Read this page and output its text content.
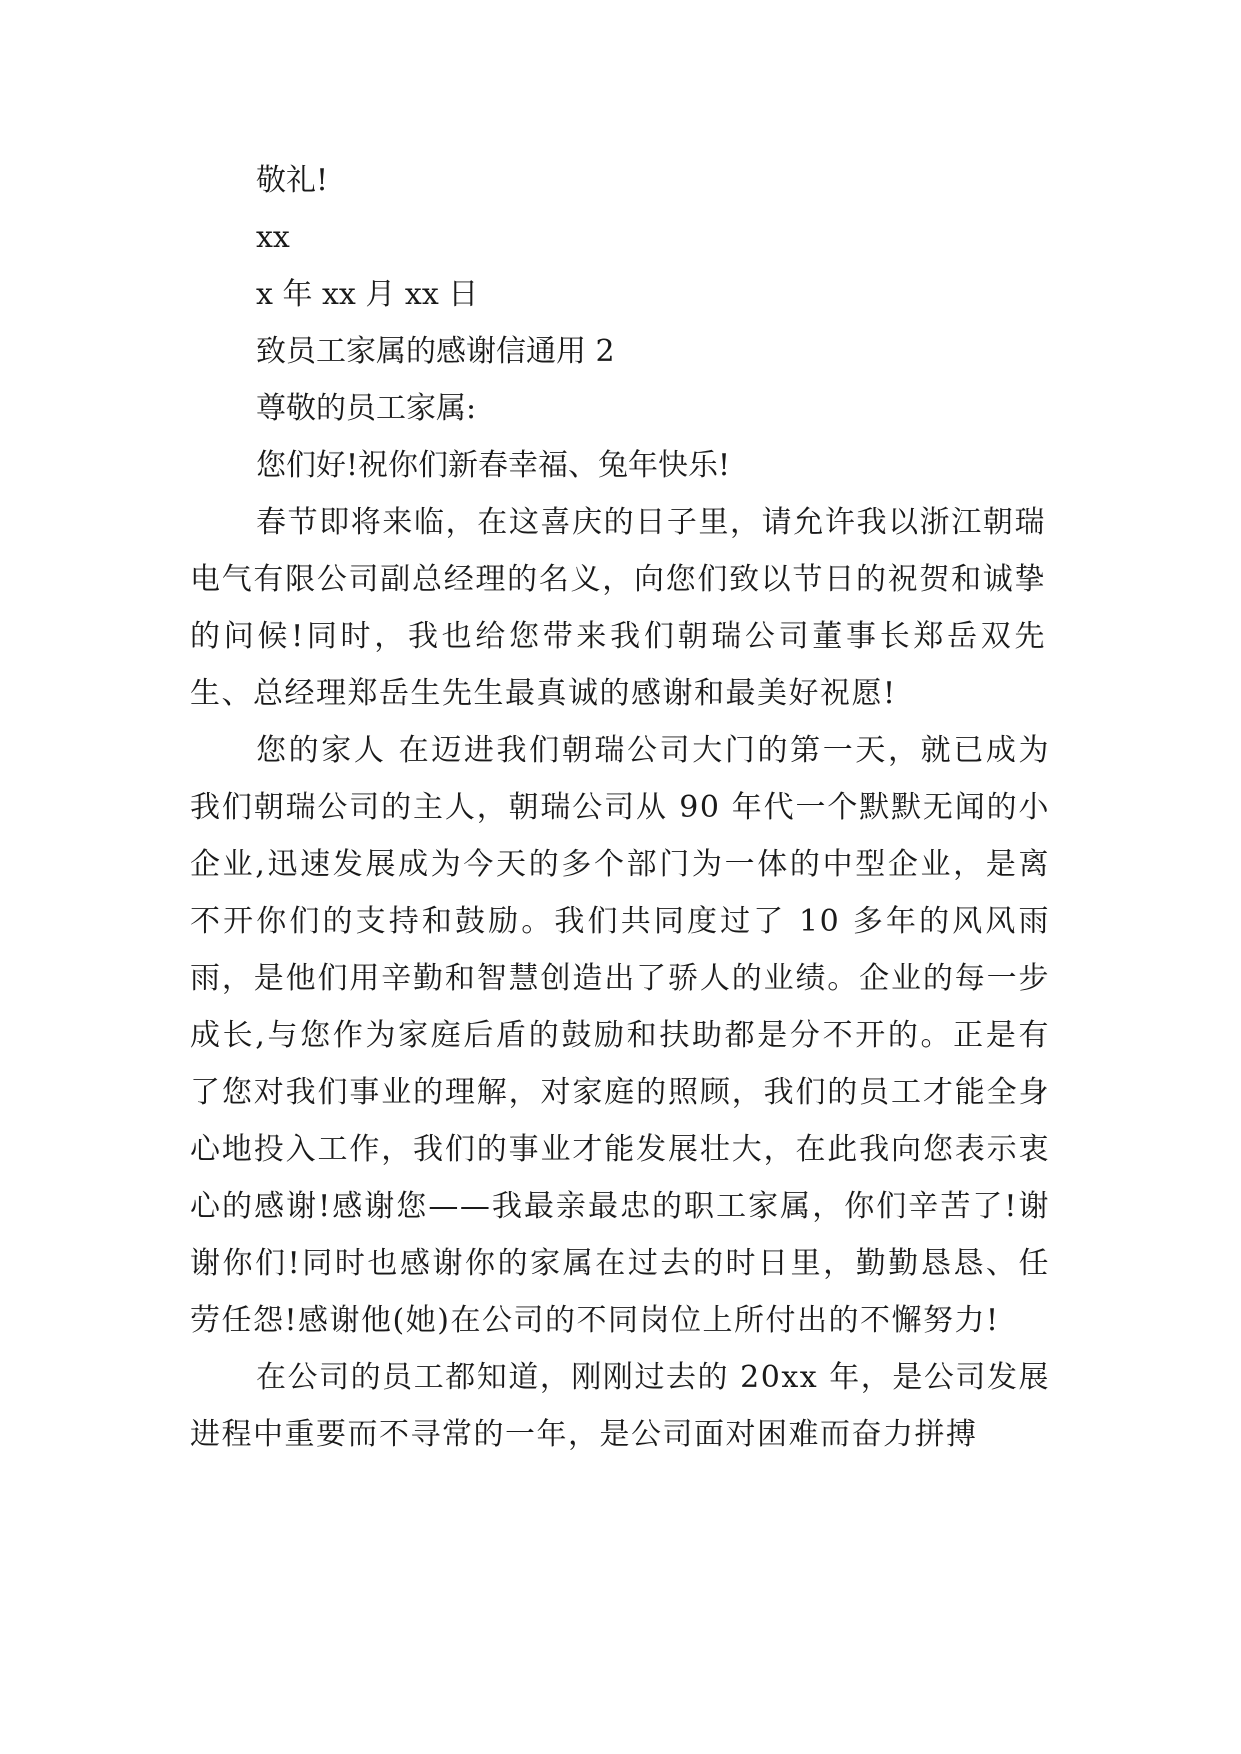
敬礼!

xx

x 年 xx 月 xx 日

致员工家属的感谢信通用 2

尊敬的员工家属:

您们好!祝你们新春幸福、兔年快乐!

春节即将来临，在这喜庆的日子里，请允许我以浙江朝瑞电气有限公司副总经理的名义，向您们致以节日的祝贺和诚挚的问候!同时，我也给您带来我们朝瑞公司董事长郑岳双先生、总经理郑岳生先生最真诚的感谢和最美好祝愿!

您的家人 在迈进我们朝瑞公司大门的第一天，就已成为我们朝瑞公司的主人，朝瑞公司从 90 年代一个默默无闻的小企业,迅速发展成为今天的多个部门为一体的中型企业，是离不开你们的支持和鼓励。我们共同度过了 10 多年的风风雨雨，是他们用辛勤和智慧创造出了骄人的业绩。企业的每一步成长,与您作为家庭后盾的鼓励和扶助都是分不开的。正是有了您对我们事业的理解，对家庭的照顾，我们的员工才能全身心地投入工作，我们的事业才能发展壮大，在此我向您表示衷心的感谢!感谢您——我最亲最忠的职工家属，你们辛苦了!谢谢你们!同时也感谢你的家属在过去的时日里，勤勤恳恳、任劳任怨!感谢他(她)在公司的不同岗位上所付出的不懈努力!

在公司的员工都知道，刚刚过去的 20xx 年，是公司发展进程中重要而不寻常的一年，是公司面对困难而奋力拼搏
